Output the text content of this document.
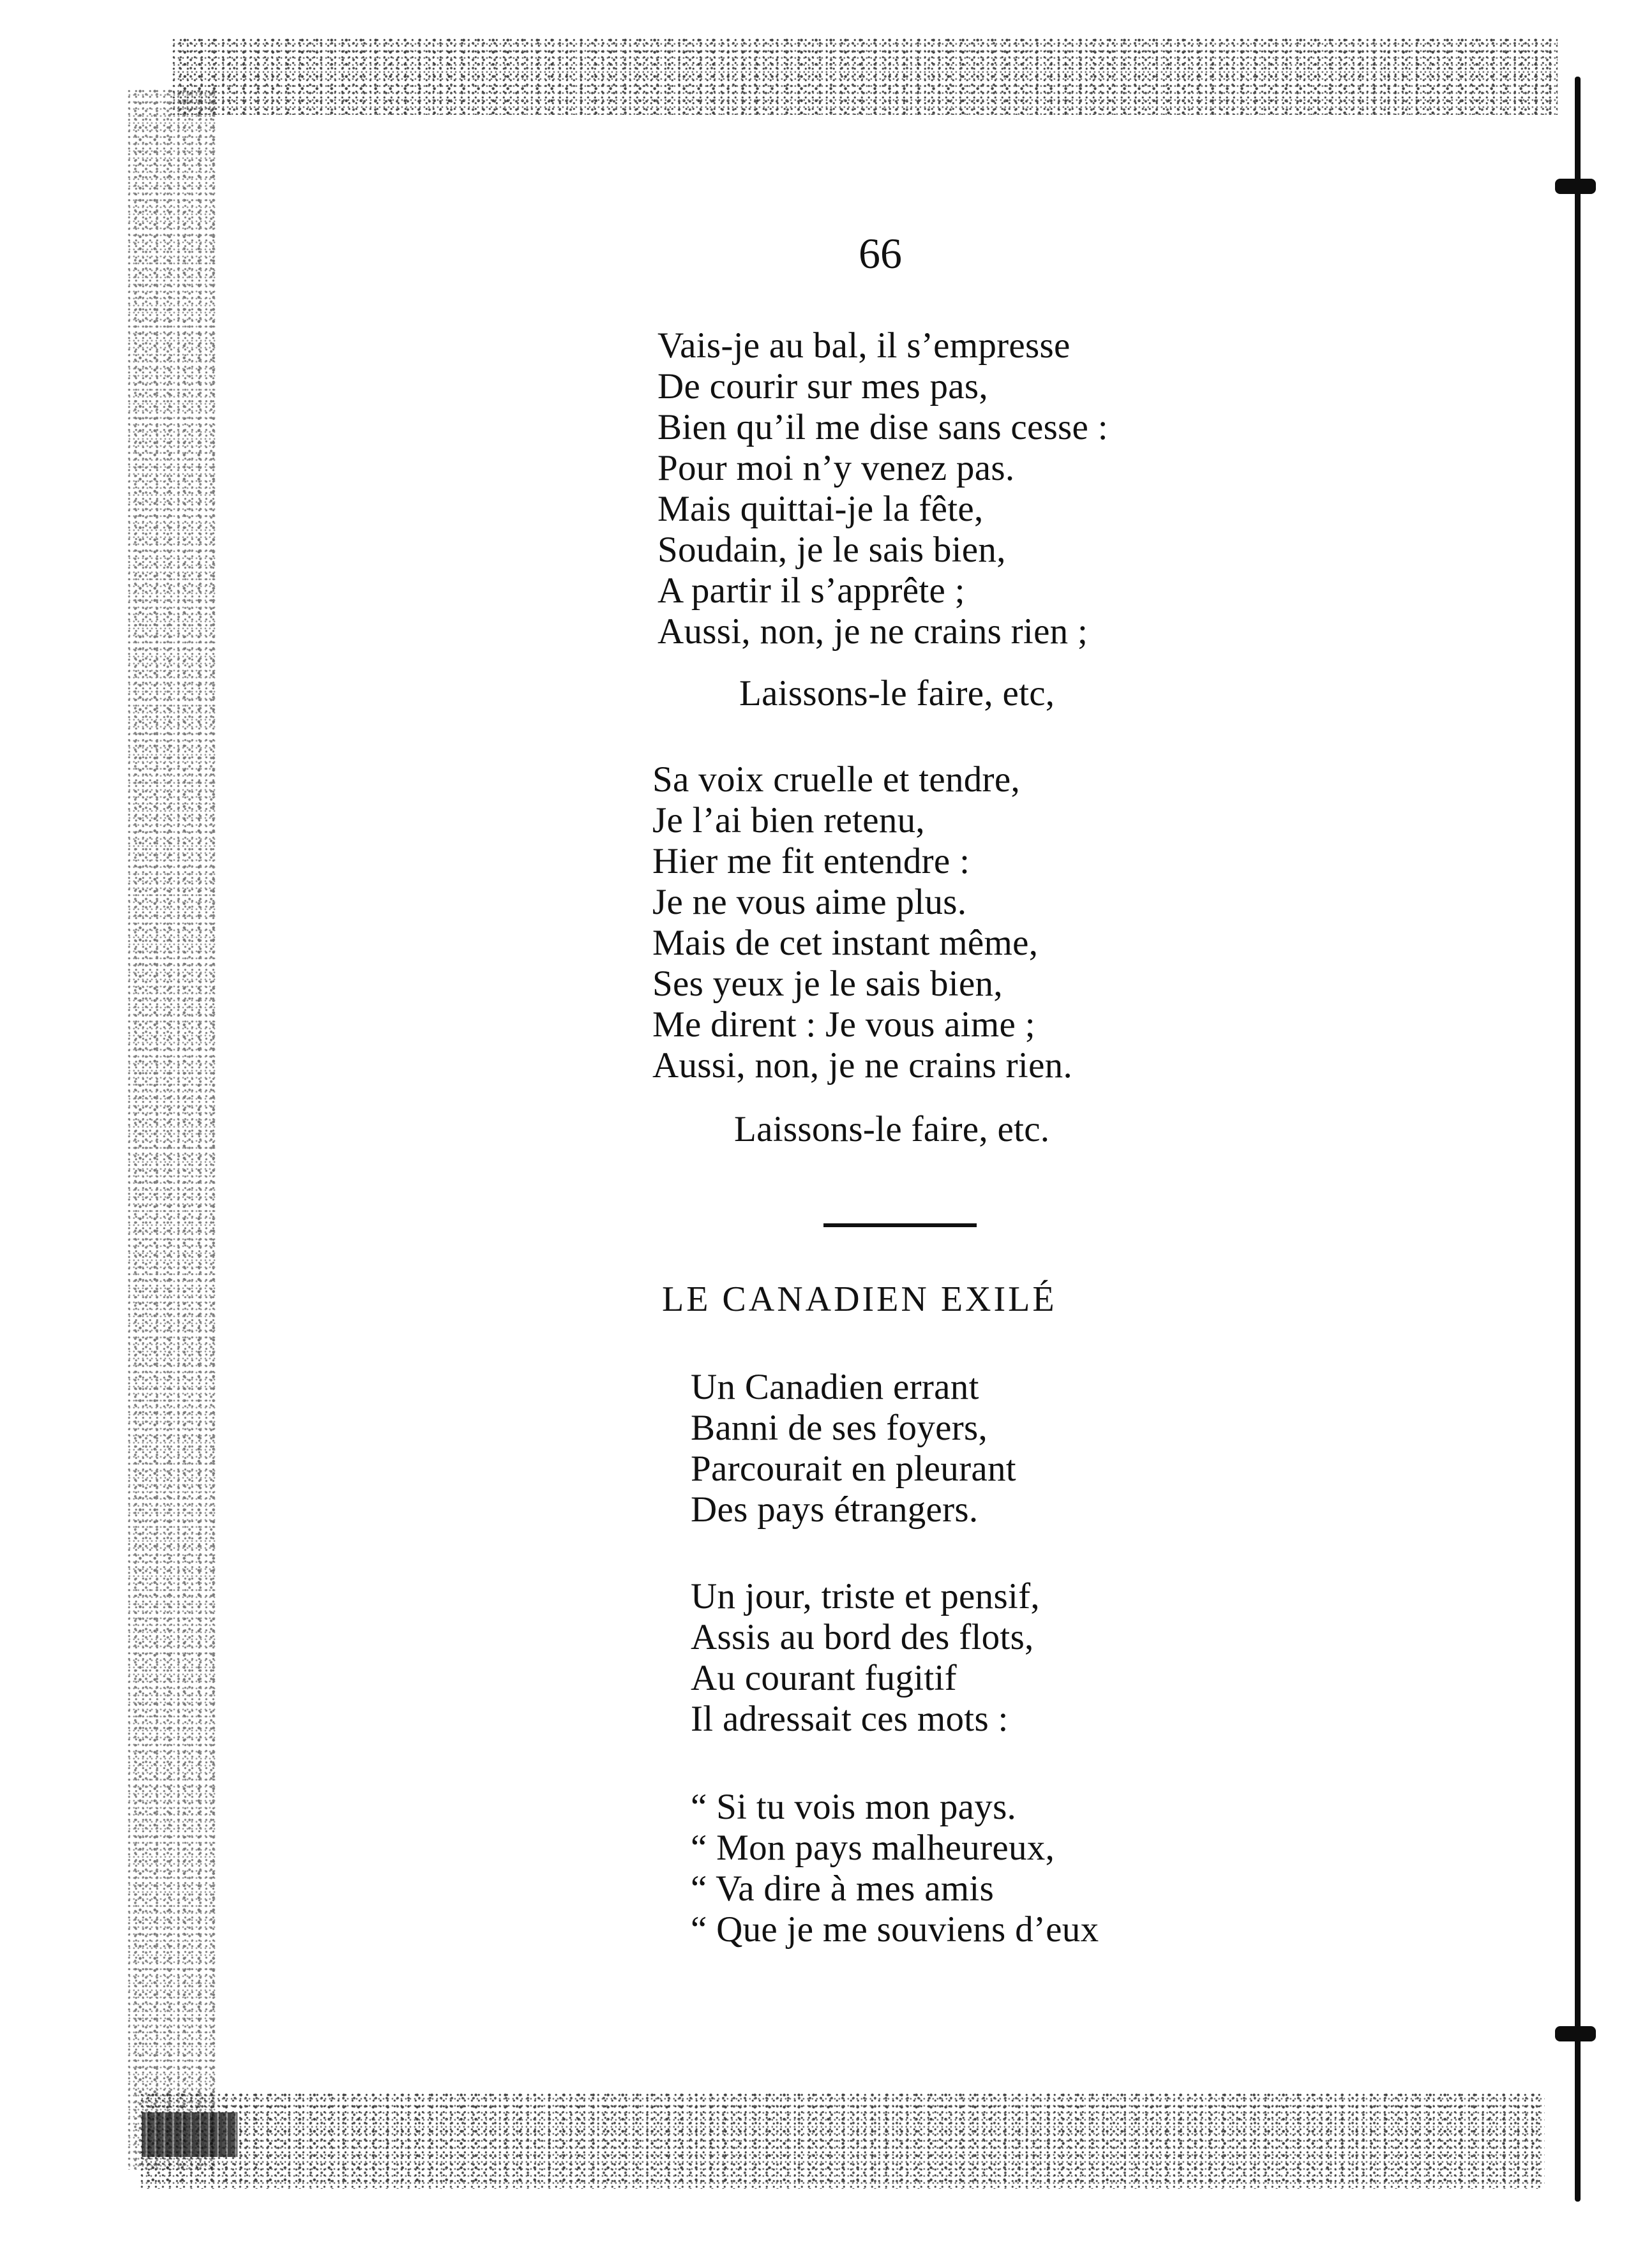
66
Vais-je au bal, il s’empresse
De courir sur mes pas,
Bien qu’il me dise sans cesse :
Pour moi n’y venez pas.
Mais quittai-je la fête,
Soudain, je le sais bien,
A partir il s’apprête ;
Aussi, non, je ne crains rien ;
Laissons-le faire, etc,
Sa voix cruelle et tendre,
Je l’ai bien retenu,
Hier me fit entendre :
Je ne vous aime plus.
Mais de cet instant même,
Ses yeux je le sais bien,
Me dirent : Je vous aime ;
Aussi, non, je ne crains rien.
Laissons-le faire, etc.
LE CANADIEN EXILÉ
Un Canadien errant
Banni de ses foyers,
Parcourait en pleurant
Des pays étrangers.
Un jour, triste et pensif,
Assis au bord des flots,
Au courant fugitif
Il adressait ces mots :
“ Si tu vois mon pays.
“ Mon pays malheureux,
“ Va dire à mes amis
“ Que je me souviens d’eux
